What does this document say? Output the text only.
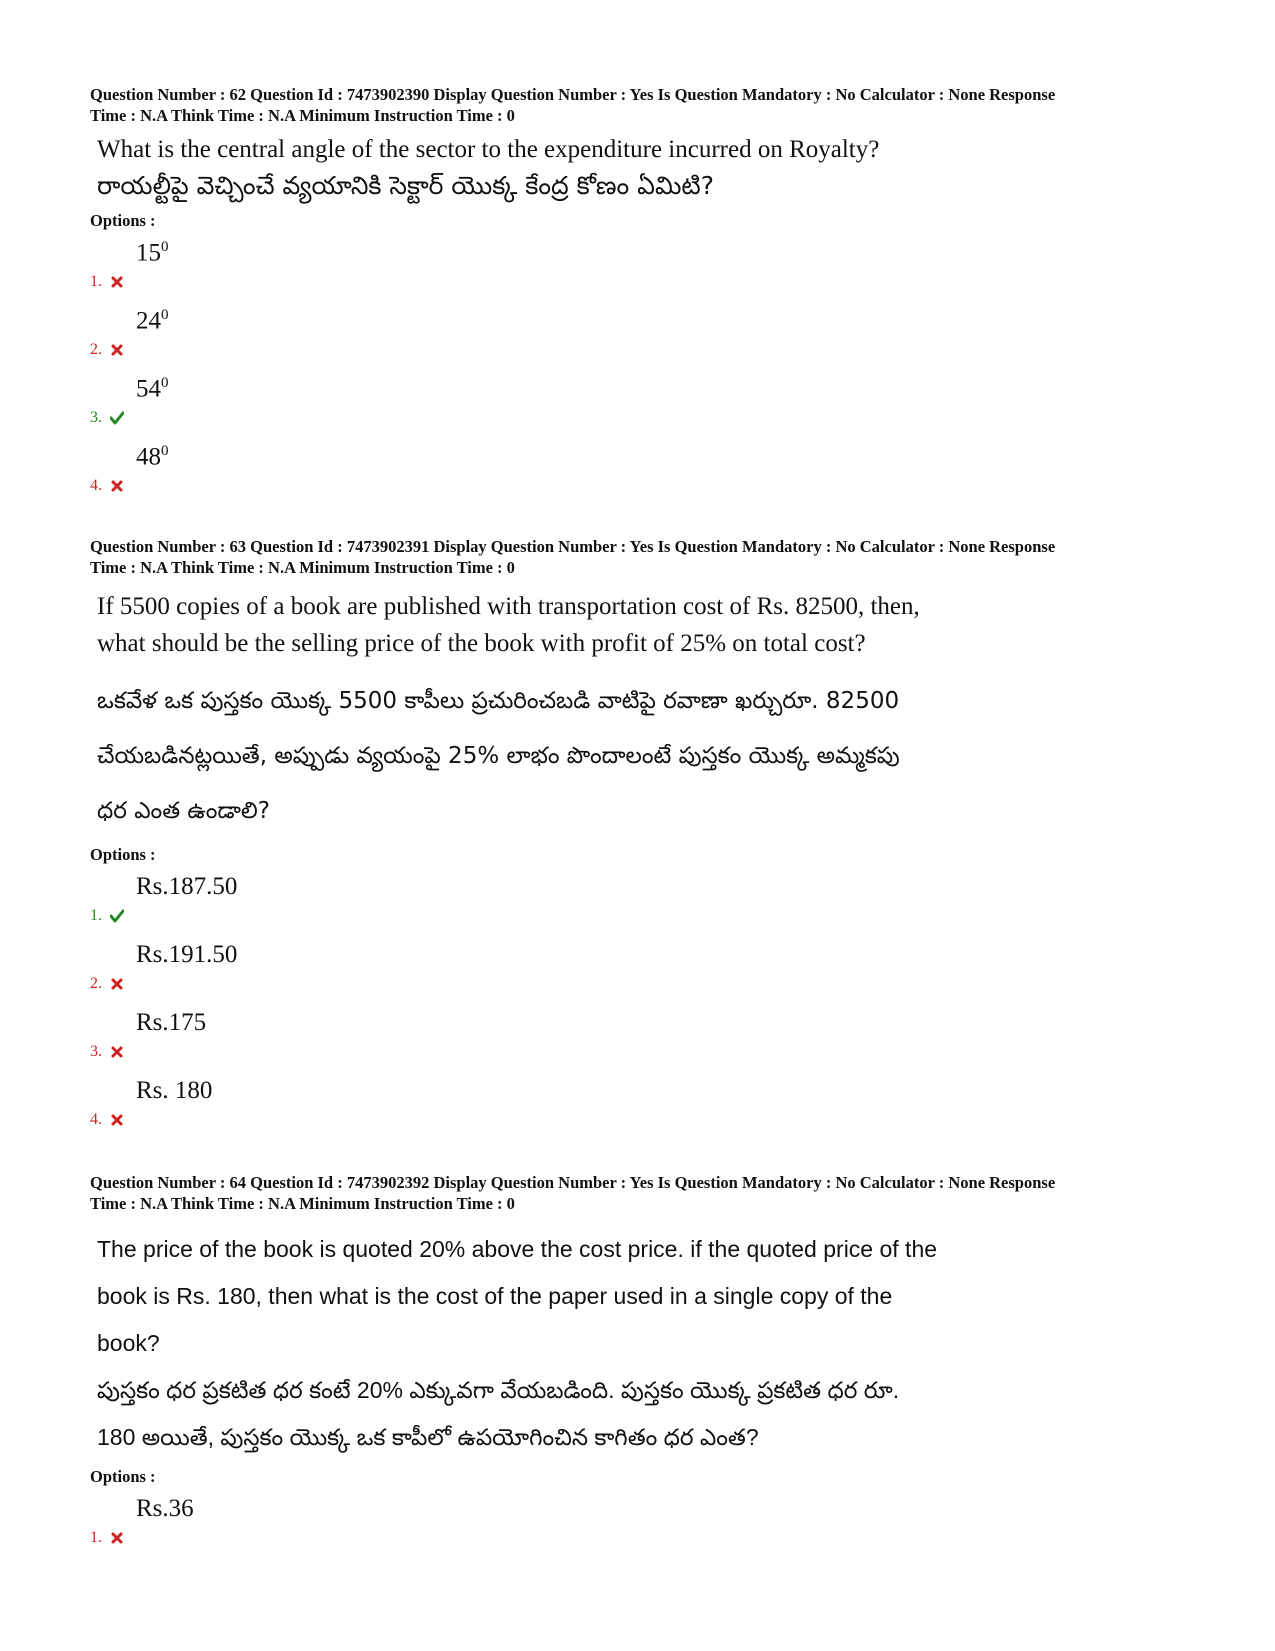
Question Number : 62 Question Id : 7473902390 Display Question Number : Yes Is Question Mandatory : No Calculator : None Response
Time : N.A Think Time : N.A Minimum Instruction Time : 0

What is the central angle of the sector to the expenditure incurred on Royalty?
రాయల్టీపై వెచ్చించే వ్యయానికి సెక్టార్ యొక్క కేంద్ర కోణం ఏమిటి?

Options :

1.
$15^0$
2.
$24^0$
3.
$54^0$
4.
$48^0$

Question Number : 63 Question Id : 7473902391 Display Question Number : Yes Is Question Mandatory : No Calculator : None Response
Time : N.A Think Time : N.A Minimum Instruction Time : 0

If 5500 copies of a book are published with transportation cost of Rs. 82500, then,
what should be the selling price of the book with profit of 25% on total cost?

ఒకవేళ ఒక పుస్తకం యొక్క 5500 కాపీలు ప్రచురించబడి వాటిపై రవాణా ఖర్చురూ. 82500
చేయబడినట్లయితే, అప్పుడు వ్యయంపై 25% లాభం పొందాలంటే పుస్తకం యొక్క అమ్మకపు
ధర ఎంత ఉండాలి?

Options :

1.
Rs.187.50
2.
Rs.191.50
3.
Rs.175
4.
Rs. 180

Question Number : 64 Question Id : 7473902392 Display Question Number : Yes Is Question Mandatory : No Calculator : None Response
Time : N.A Think Time : N.A Minimum Instruction Time : 0

The price of the book is quoted 20% above the cost price. if the quoted price of the
book is Rs. 180, then what is the cost of the paper used in a single copy of the
book?
పుస్తకం ధర ప్రకటిత ధర కంటే 20% ఎక్కువగా వేయబడింది. పుస్తకం యొక్క ప్రకటిత ధర రూ.
180 అయితే, పుస్తకం యొక్క ఒక కాపీలో ఉపయోగించిన కాగితం ధర ఎంత?

Options :

1.
Rs.36
